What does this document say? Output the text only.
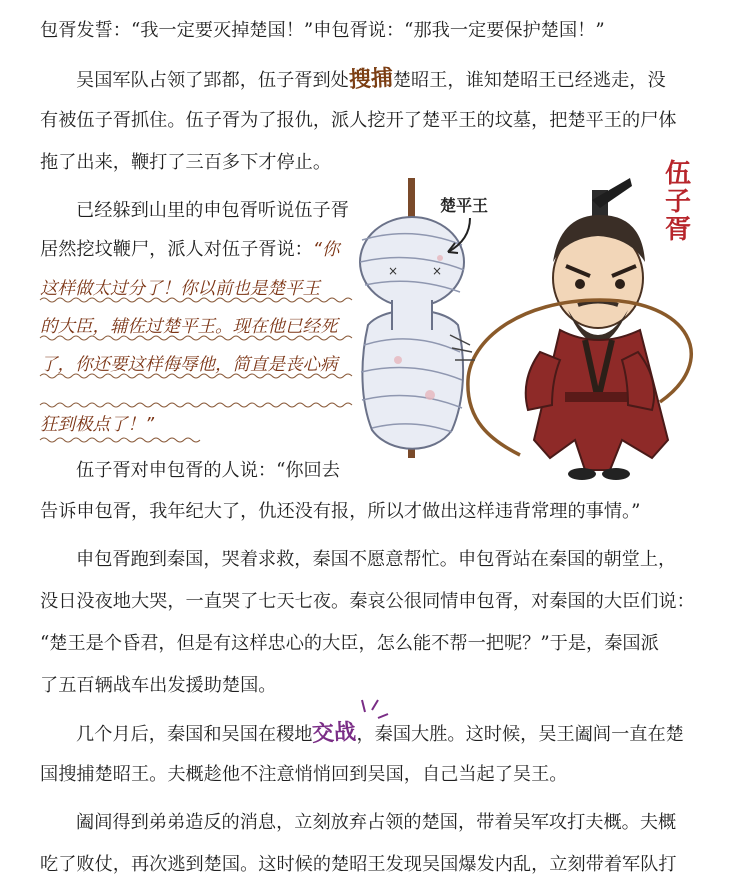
×	×
包胥发誓：“我一定要灭掉楚国！”申包胥说：“那我一定要保护楚国！”
吴国军队占领了郢都，伍子胥到处搜捕楚昭王，谁知楚昭王已经逃走，没
有被伍子胥抓住。伍子胥为了报仇，派人挖开了楚平王的坟墓，把楚平王的尸体
拖了出来，鞭打了三百多下才停止。
已经躲到山里的申包胥听说伍子胥
居然挖坟鞭尸，派人对伍子胥说：“你
这样做太过分了！你以前也是楚平王
的大臣，辅佐过楚平王。现在他已经死
了，你还要这样侮辱他，简直是丧心病
狂到极点了！”
伍子胥对申包胥的人说：“你回去
告诉申包胥，我年纪大了，仇还没有报，所以才做出这样违背常理的事情。”
申包胥跑到秦国，哭着求救，秦国不愿意帮忙。申包胥站在秦国的朝堂上，
没日没夜地大哭，一直哭了七天七夜。秦哀公很同情申包胥，对秦国的大臣们说：
“楚王是个昏君，但是有这样忠心的大臣，怎么能不帮一把呢？”于是，秦国派
了五百辆战车出发援助楚国。
几个月后，秦国和吴国在稷地交战，秦国大胜。这时候，吴王阖闾一直在楚
国搜捕楚昭王。夫概趁他不注意悄悄回到吴国，自己当起了吴王。
阖闾得到弟弟造反的消息，立刻放弃占领的楚国，带着吴军攻打夫概。夫概
吃了败仗，再次逃到楚国。这时候的楚昭王发现吴国爆发内乱，立刻带着军队打
楚平王
伍子胥
